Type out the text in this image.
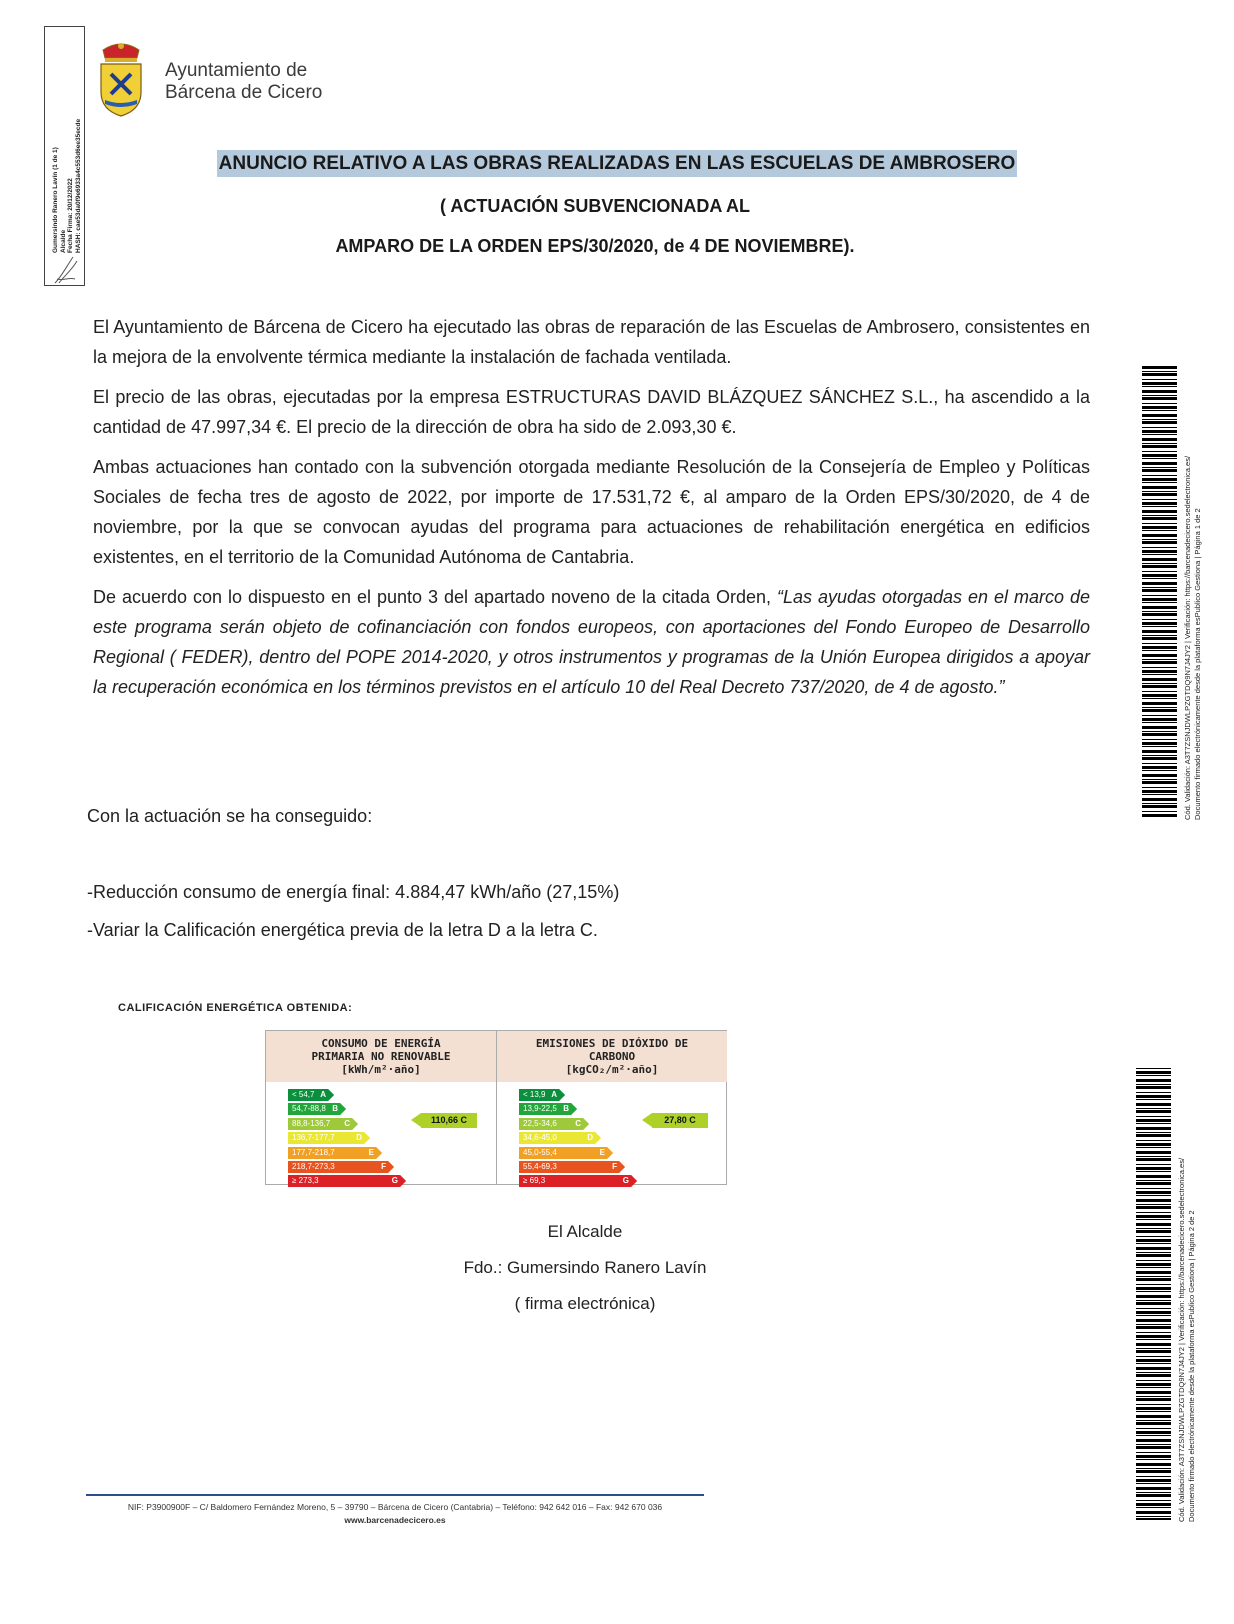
Gumersindo Ranero Lavín (1 de 1) Alcalde Fecha Firma: 20/12/2022 HASH: cae53da0f9e6933a4c553d6ee35ecde
Ayuntamiento de
Bárcena de Cicero
ANUNCIO RELATIVO A LAS OBRAS REALIZADAS EN LAS ESCUELAS DE AMBROSERO
( ACTUACIÓN SUBVENCIONADA AL
AMPARO DE LA ORDEN EPS/30/2020, de 4 DE NOVIEMBRE).

El Ayuntamiento de Bárcena de Cicero ha ejecutado las obras de reparación de las Escuelas de Ambrosero, consistentes en la mejora de la envolvente térmica mediante la instalación de fachada ventilada.

El precio de las obras, ejecutadas por la empresa ESTRUCTURAS DAVID BLÁZQUEZ SÁNCHEZ S.L., ha ascendido a la cantidad de 47.997,34 €. El precio de la dirección de obra ha sido de 2.093,30 €.

Ambas actuaciones han contado con la subvención otorgada mediante Resolución de la Consejería de Empleo y Políticas Sociales de fecha tres de agosto de 2022, por importe de 17.531,72 €, al amparo de la Orden EPS/30/2020, de 4 de noviembre, por la que se convocan ayudas del programa para actuaciones de rehabilitación energética en edificios existentes, en el territorio de la Comunidad Autónoma de Cantabria.

De acuerdo con lo dispuesto en el punto 3 del apartado noveno de la citada Orden, “Las ayudas otorgadas en el marco de este programa serán objeto de cofinanciación con fondos europeos, con aportaciones del Fondo Europeo de Desarrollo Regional ( FEDER), dentro del POPE 2014-2020, y otros instrumentos y programas de la Unión Europea dirigidos a apoyar la recuperación económica en los términos previstos en el artículo 10 del Real Decreto 737/2020, de 4 de agosto.”

Con la actuación se ha conseguido:
-Reducción consumo de energía final: 4.884,47 kWh/año (27,15%)
-Variar la Calificación energética previa de la letra D a la letra C.
CALIFICACIÓN ENERGÉTICA OBTENIDA:
CONSUMO DE ENERGÍA
PRIMARIA NO RENOVABLE
[kWh/m²·año]
< 54,7 A
54,7-88,8 B
88,8-136,7 C
136,7-177,7	D
177,7-218,7	E
218,7-273,3	F
≥ 273,3	G
110,66 C
EMISIONES DE DIÓXIDO DE
CARBONO
[kgCO₂/m²·año]
< 13,9 A
13,9-22,5 B
22,5-34,6 C
34,6-45,0	D
45,0-55,4	E
55,4-69,3	F
≥ 69,3	G
27,80 C
El Alcalde
Fdo.: Gumersindo Ranero Lavín
( firma electrónica)
NIF: P3900900F – C/ Baldomero Fernández Moreno, 5 – 39790 – Bárcena de Cicero (Cantabria) – Teléfono: 942 642 016 – Fax: 942 670 036
www.barcenadecicero.es
Cód. Validación: A3T7ZSNJDWLPZGTDQ9N7J4JY2 | Verificación: https://barcenadecicero.sedelectronica.es/ Documento firmado electrónicamente desde la plataforma esPublico Gestiona | Página 1 de 2
Cód. Validación: A3T7ZSNJDWLPZGTDQ9N7J4JY2 | Verificación: https://barcenadecicero.sedelectronica.es/ Documento firmado electrónicamente desde la plataforma esPublico Gestiona | Página 2 de 2
